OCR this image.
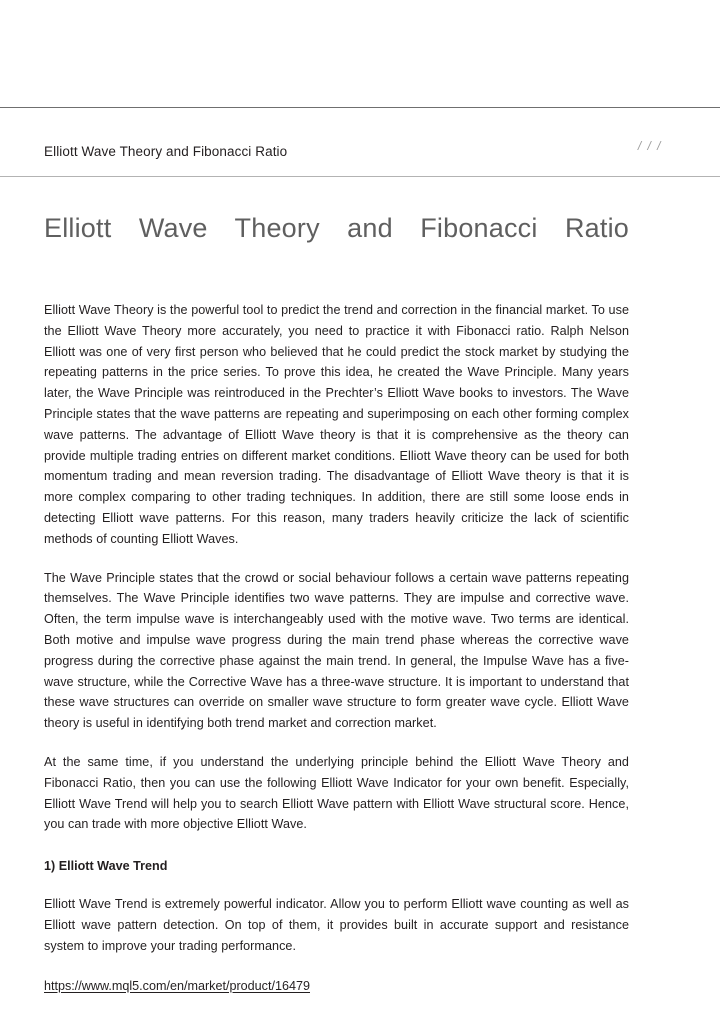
Elliott Wave Theory and Fibonacci Ratio	/ / /
Elliott Wave Theory and Fibonacci Ratio

Elliott Wave Theory is the powerful tool to predict the trend and correction in the financial market. To use the Elliott Wave Theory more accurately, you need to practice it with Fibonacci ratio. Ralph Nelson Elliott was one of very first person who believed that he could predict the stock market by studying the repeating patterns in the price series. To prove this idea, he created the Wave Principle. Many years later, the Wave Principle was reintroduced in the Prechter’s Elliott Wave books to investors. The Wave Principle states that the wave patterns are repeating and superimposing on each other forming complex wave patterns. The advantage of Elliott Wave theory is that it is comprehensive as the theory can provide multiple trading entries on different market conditions. Elliott Wave theory can be used for both momentum trading and mean reversion trading. The disadvantage of Elliott Wave theory is that it is more complex comparing to other trading techniques. In addition, there are still some loose ends in detecting Elliott wave patterns. For this reason, many traders heavily criticize the lack of scientific methods of counting Elliott Waves.

The Wave Principle states that the crowd or social behaviour follows a certain wave patterns repeating themselves. The Wave Principle identifies two wave patterns. They are impulse and corrective wave. Often, the term impulse wave is interchangeably used with the motive wave. Two terms are identical. Both motive and impulse wave progress during the main trend phase whereas the corrective wave progress during the corrective phase against the main trend. In general, the Impulse Wave has a five-wave structure, while the Corrective Wave has a three-wave structure. It is important to understand that these wave structures can override on smaller wave structure to form greater wave cycle. Elliott Wave theory is useful in identifying both trend market and correction market.

At the same time, if you understand the underlying principle behind the Elliott Wave Theory and Fibonacci Ratio, then you can use the following Elliott Wave Indicator for your own benefit. Especially, Elliott Wave Trend will help you to search Elliott Wave pattern with Elliott Wave structural score. Hence, you can trade with more objective Elliott Wave.

1) Elliott Wave Trend

Elliott Wave Trend is extremely powerful indicator. Allow you to perform Elliott wave counting as well as Elliott wave pattern detection. On top of them, it provides built in accurate support and resistance system to improve your trading performance.

https://www.mql5.com/en/market/product/16479
